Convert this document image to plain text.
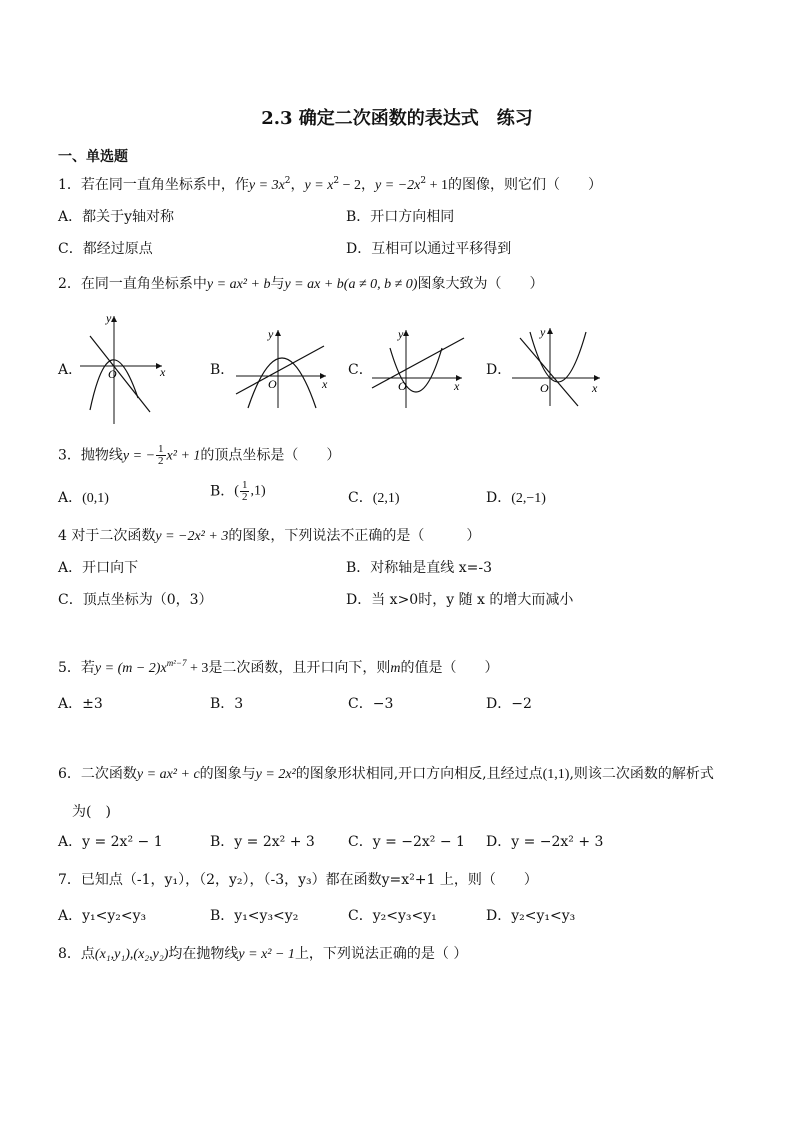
2.3 确定二次函数的表达式　练习
一、单选题
1．若在同一直角坐标系中，作$y = 3x^2$，$y = x^2 - 2$，$y = -2x^2 + 1$的图像，则它们（　　）
A．都关于y轴对称	B．开口方向相同
C．都经过原点	D．互相可以通过平移得到
2．在同一直角坐标系中y = ax² + b与y = ax + b(a ≠ 0, b ≠ 0)图象大致为（　　）
A．	B．	C．	D．
y
x
O
y
x
O
y
x
O
y
x
O
3．抛物线y = − $\frac{1}{2} x^2 + 1$的顶点坐标是（　　）
A．(0,1)	B．( $\frac{1}{2} ,1$)	C．(2,1)	D．(2,−1)
4 对于二次函数y = −2x² + 3的图象，下列说法不正确的是（　　　）
A．开口向下	B．对称轴是直线 x=-3
C．顶点坐标为（0，3）	D．当 x>0时，y 随 x 的增大而减小
5．若$y = (m - 2)x^{m^2-7} + 3$是二次函数，且开口向下，则m的值是（　　）
A．±3	B．3	C．−3	D．−2
6．二次函数y = ax² + c的图象与y = 2x²的图象形状相同,开口方向相反,且经过点(1,1),则该二次函数的解析式
为(　)
A．y = 2x² − 1	B．y = 2x² + 3 C．y = −2x² − 1 D．y = −2x² + 3
7．已知点（-1，y₁），（2，y₂），（-3，y₃）都在函数y=x²+1 上，则（　　）
A．y₁<y₂<y₃	B．y₁<y₃<y₂	C．y₂<y₃<y₁	D．y₂<y₁<y₃
8．点(x₁,y₁),(x₂,y₂)均在抛物线y = x² − 1上，下列说法正确的是（ ）
